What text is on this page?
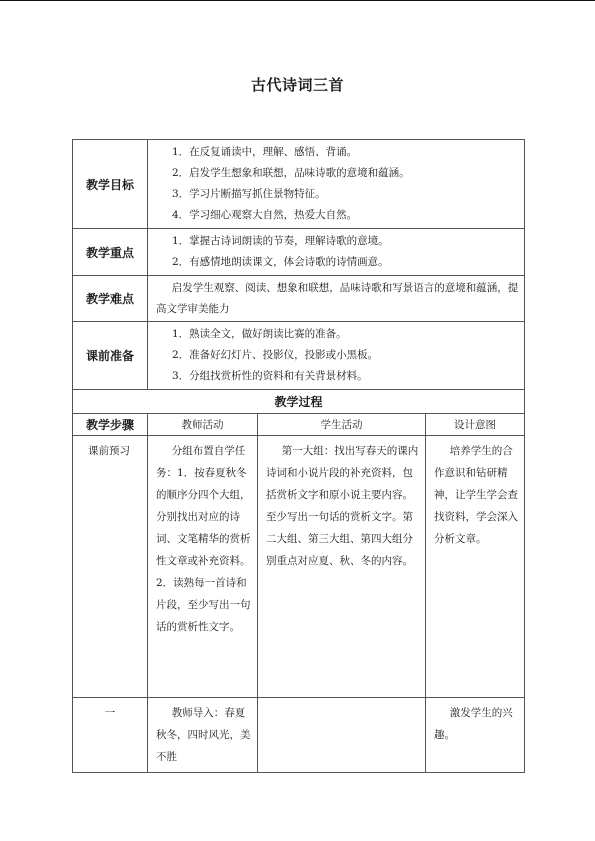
古代诗词三首
教学目标	1．在反复诵读中，理解、感悟、背诵。
2．启发学生想象和联想，品味诗歌的意境和蕴涵。
3．学习片断描写抓住景物特征。
4．学习细心观察大自然，热爱大自然。		

教学重点	1．掌握古诗词朗读的节奏，理解诗歌的意境。
2．有感情地朗读课文，体会诗歌的诗情画意。		

教学难点	启发学生观察、阅读、想象和联想，品味诗歌和写景语言的意境和蕴涵，提高文学审美能力		

课前准备	1．熟读全文，做好朗读比赛的准备。
2．准备好幻灯片、投影仪，投影或小黑板。
3．分组找赏析性的资料和有关背景材料。		

教学过程			
教学步骤	教师活动	学生活动	设计意图

课前预习	分组布置自学任务：1．按春夏秋冬的顺序分四个大组，分别找出对应的诗词、文笔精华的赏析性文章或补充资料。2．读熟每一首诗和片段，至少写出一句话的赏析性文字。	第一大组：找出写春天的课内诗词和小说片段的补充资料，包括赏析文字和原小说主要内容。至少写出一句话的赏析文字。第二大组、第三大组、第四大组分别重点对应夏、秋、冬的内容。	培养学生的合作意识和钻研精神，让学生学会查找资料，学会深入分析文章。

一	教师导入：春夏秋冬，四时风光，美不胜		激发学生的兴趣。
